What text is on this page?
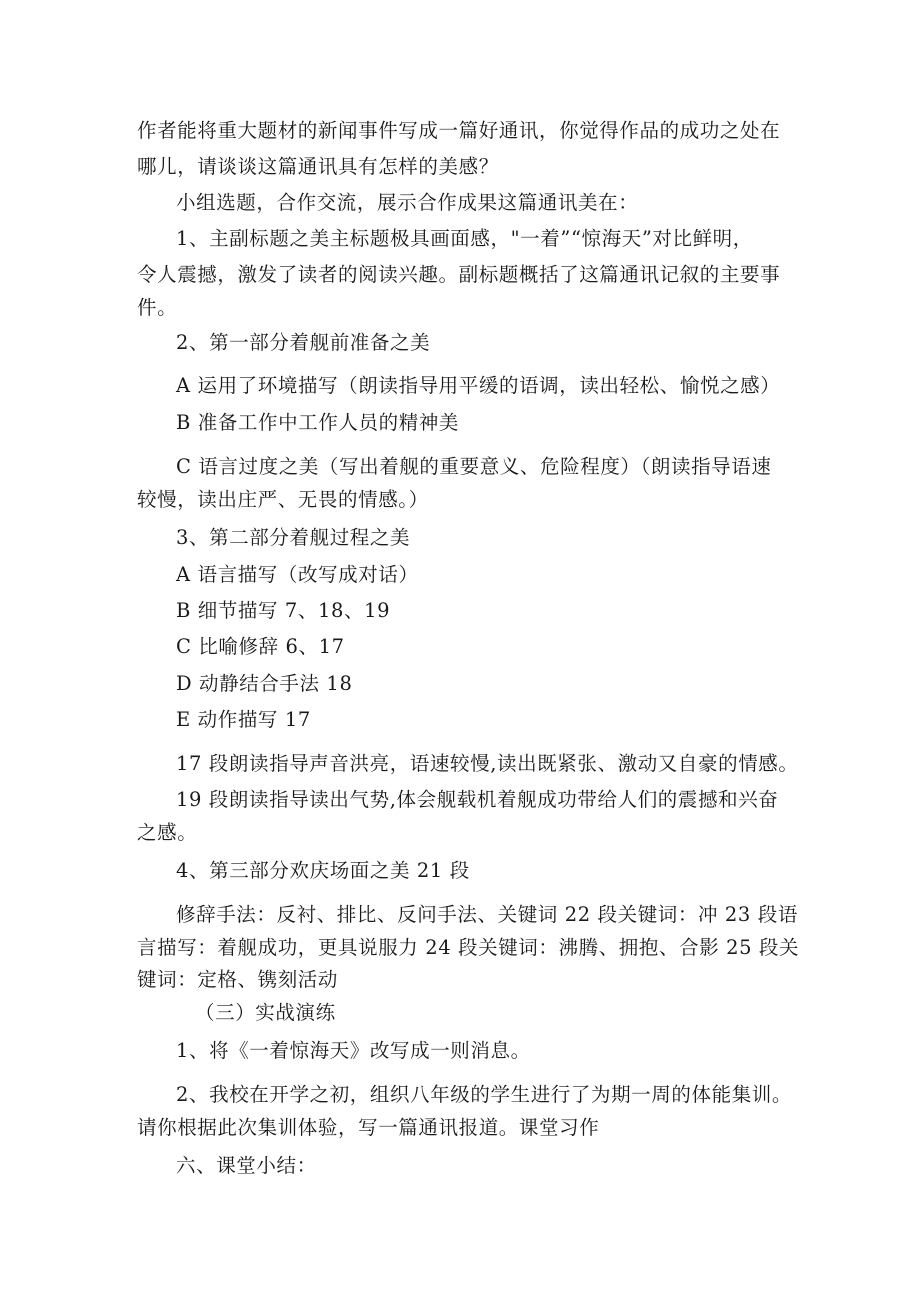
作者能将重大题材的新闻事件写成一篇好通讯，你觉得作品的成功之处在
哪儿，请谈谈这篇通讯具有怎样的美感？
小组选题，合作交流，展示合作成果这篇通讯美在：
1、主副标题之美主标题极具画面感，"一着”“惊海天”对比鲜明，
令人震撼，激发了读者的阅读兴趣。副标题概括了这篇通讯记叙的主要事
件。
2、第一部分着舰前准备之美
A 运用了环境描写（朗读指导用平缓的语调，读出轻松、愉悦之感）
B 准备工作中工作人员的精神美
C 语言过度之美（写出着舰的重要意义、危险程度）（朗读指导语速
较慢，读出庄严、无畏的情感。）
3、第二部分着舰过程之美
A 语言描写（改写成对话）
B 细节描写 7、18、19
C 比喻修辞 6、17
D 动静结合手法 18
E 动作描写 17
17 段朗读指导声音洪亮，语速较慢,读出既紧张、激动又自豪的情感。
19 段朗读指导读出气势,体会舰载机着舰成功带给人们的震撼和兴奋
之感。
4、第三部分欢庆场面之美 21 段
修辞手法：反衬、排比、反问手法、关键词 22 段关键词：冲 23 段语
言描写：着舰成功，更具说服力 24 段关键词：沸腾、拥抱、合影 25 段关
键词：定格、镌刻活动
（三）实战演练
1、将《一着惊海天》改写成一则消息。
2、我校在开学之初，组织八年级的学生进行了为期一周的体能集训。
请你根据此次集训体验，写一篇通讯报道。课堂习作
六、课堂小结：
